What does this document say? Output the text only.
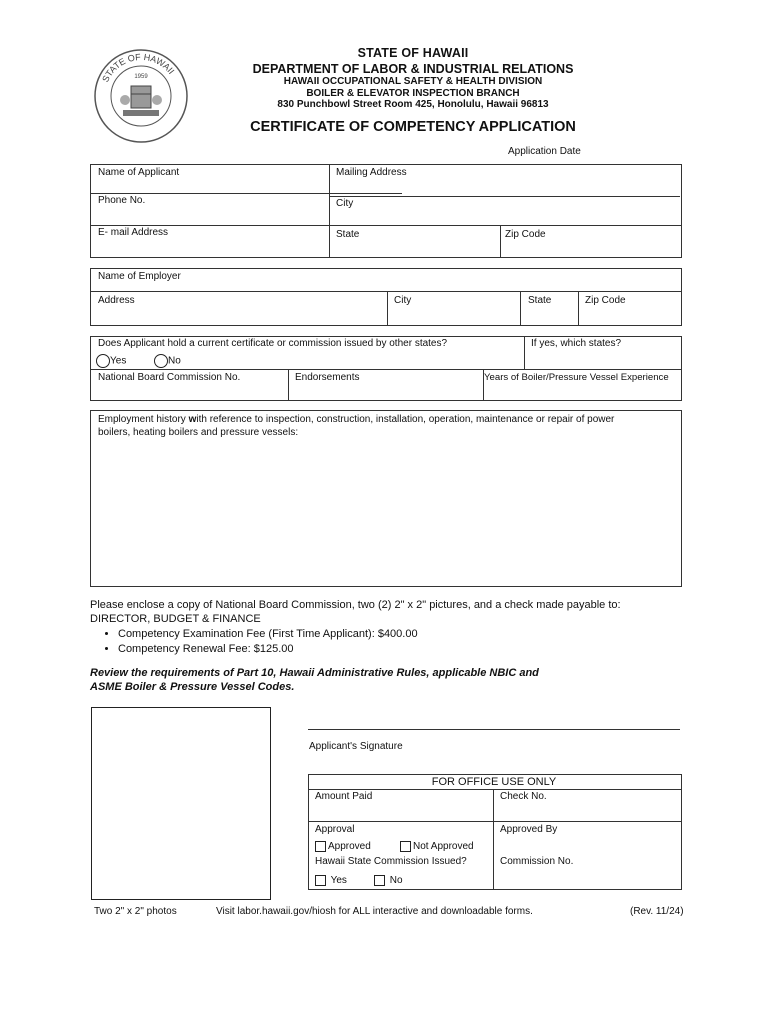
STATE OF HAWAII
1959
STATE OF HAWAII
DEPARTMENT OF LABOR & INDUSTRIAL RELATIONS
HAWAII OCCUPATIONAL SAFETY & HEALTH DIVISION
BOILER & ELEVATOR INSPECTION BRANCH
830 Punchbowl Street Room 425, Honolulu, Hawaii 96813
CERTIFICATE OF COMPETENCY APPLICATION
Application Date
Name of Applicant	Mailing Address
Phone No.	City
E- mail Address	State	Zip Code
Name of Employer
Address	City	State	Zip Code
Does Applicant hold a current certificate or commission issued by other states?	If yes, which states?
Yes	No
National Board Commission No.	Endorsements	Years of Boiler/Pressure Vessel Experience
Employment history with reference to inspection, construction, installation, operation, maintenance or repair of power
boilers, heating boilers and pressure vessels:
Please enclose a copy of National Board Commission, two (2) 2" x 2" pictures, and a check made payable to:
DIRECTOR, BUDGET & FINANCE
• Competency Examination Fee (First Time Applicant): $400.00
• Competency Renewal Fee: $125.00
Review the requirements of Part 10, Hawaii Administrative Rules, applicable NBIC and
ASME Boiler & Pressure Vessel Codes.
Applicant's Signature
FOR OFFICE USE ONLY
Amount Paid	Check No.
Approval	Approved By
Approved	Not Approved
Hawaii State Commission Issued?	Commission No.
Yes	No
Two 2" x 2" photos	Visit labor.hawaii.gov/hiosh for ALL interactive and downloadable forms.	(Rev. 11/24)
